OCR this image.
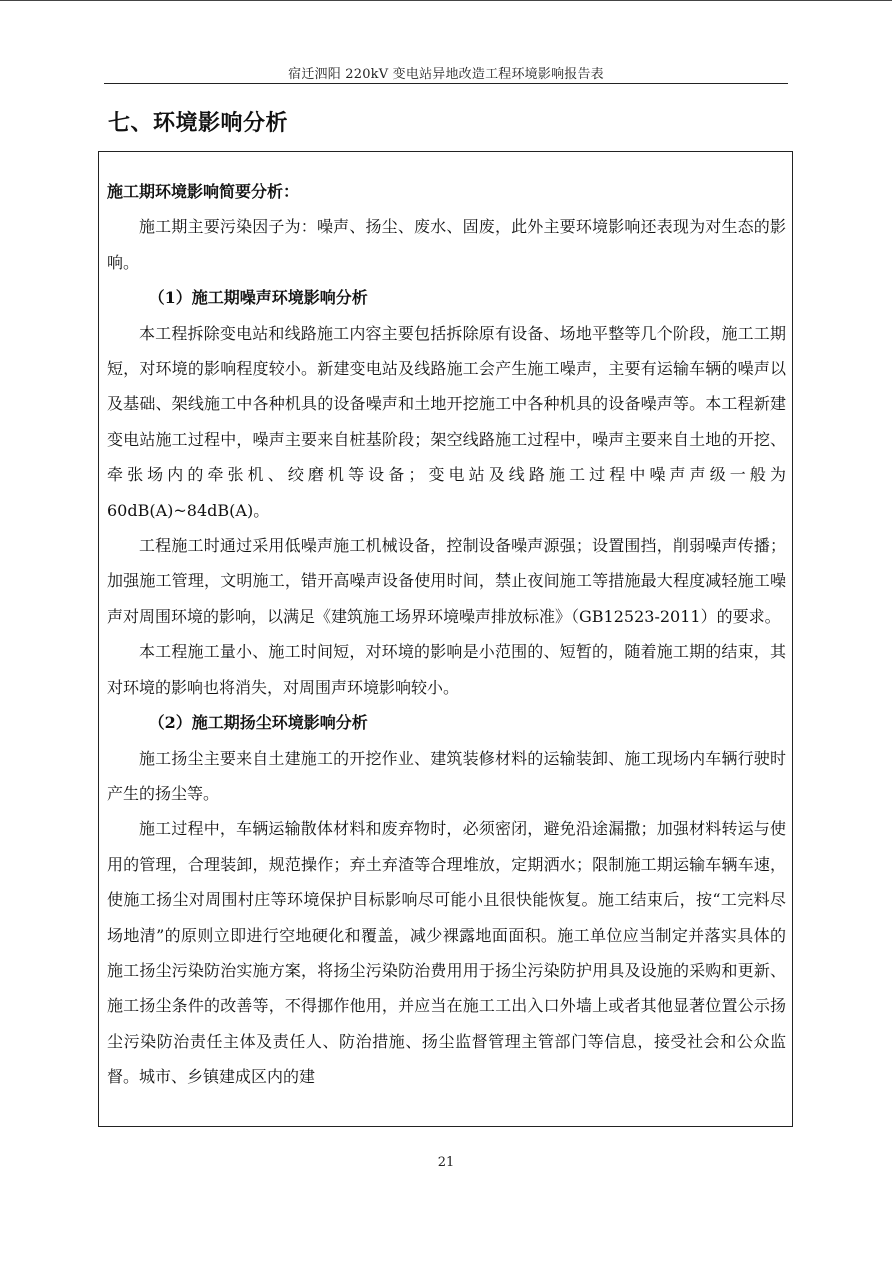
宿迁泗阳 220kV 变电站异地改造工程环境影响报告表
七、环境影响分析

施工期环境影响简要分析：

施工期主要污染因子为：噪声、扬尘、废水、固废，此外主要环境影响还表现为对生态的影响。

（1）施工期噪声环境影响分析

本工程拆除变电站和线路施工内容主要包括拆除原有设备、场地平整等几个阶段，施工工期短，对环境的影响程度较小。新建变电站及线路施工会产生施工噪声，主要有运输车辆的噪声以及基础、架线施工中各种机具的设备噪声和土地开挖施工中各种机具的设备噪声等。本工程新建变电站施工过程中，噪声主要来自桩基阶段；架空线路施工过程中，噪声主要来自土地的开挖、牵张场内的牵张机、绞磨机等设备；变电站及线路施工过程中噪声声级一般为 60dB(A)~84dB(A)。

工程施工时通过采用低噪声施工机械设备，控制设备噪声源强；设置围挡，削弱噪声传播；加强施工管理，文明施工，错开高噪声设备使用时间，禁止夜间施工等措施最大程度减轻施工噪声对周围环境的影响，以满足《建筑施工场界环境噪声排放标准》（GB12523-2011）的要求。

本工程施工量小、施工时间短，对环境的影响是小范围的、短暂的，随着施工期的结束，其对环境的影响也将消失，对周围声环境影响较小。

（2）施工期扬尘环境影响分析

施工扬尘主要来自土建施工的开挖作业、建筑装修材料的运输装卸、施工现场内车辆行驶时产生的扬尘等。

施工过程中，车辆运输散体材料和废弃物时，必须密闭，避免沿途漏撒；加强材料转运与使用的管理，合理装卸，规范操作；弃土弃渣等合理堆放，定期洒水；限制施工期运输车辆车速，使施工扬尘对周围村庄等环境保护目标影响尽可能小且很快能恢复。施工结束后，按“工完料尽场地清”的原则立即进行空地硬化和覆盖，减少裸露地面面积。施工单位应当制定并落实具体的施工扬尘污染防治实施方案，将扬尘污染防治费用用于扬尘污染防护用具及设施的采购和更新、施工扬尘条件的改善等，不得挪作他用，并应当在施工工出入口外墙上或者其他显著位置公示扬尘污染防治责任主体及责任人、防治措施、扬尘监督管理主管部门等信息，接受社会和公众监督。城市、乡镇建成区内的建

21
